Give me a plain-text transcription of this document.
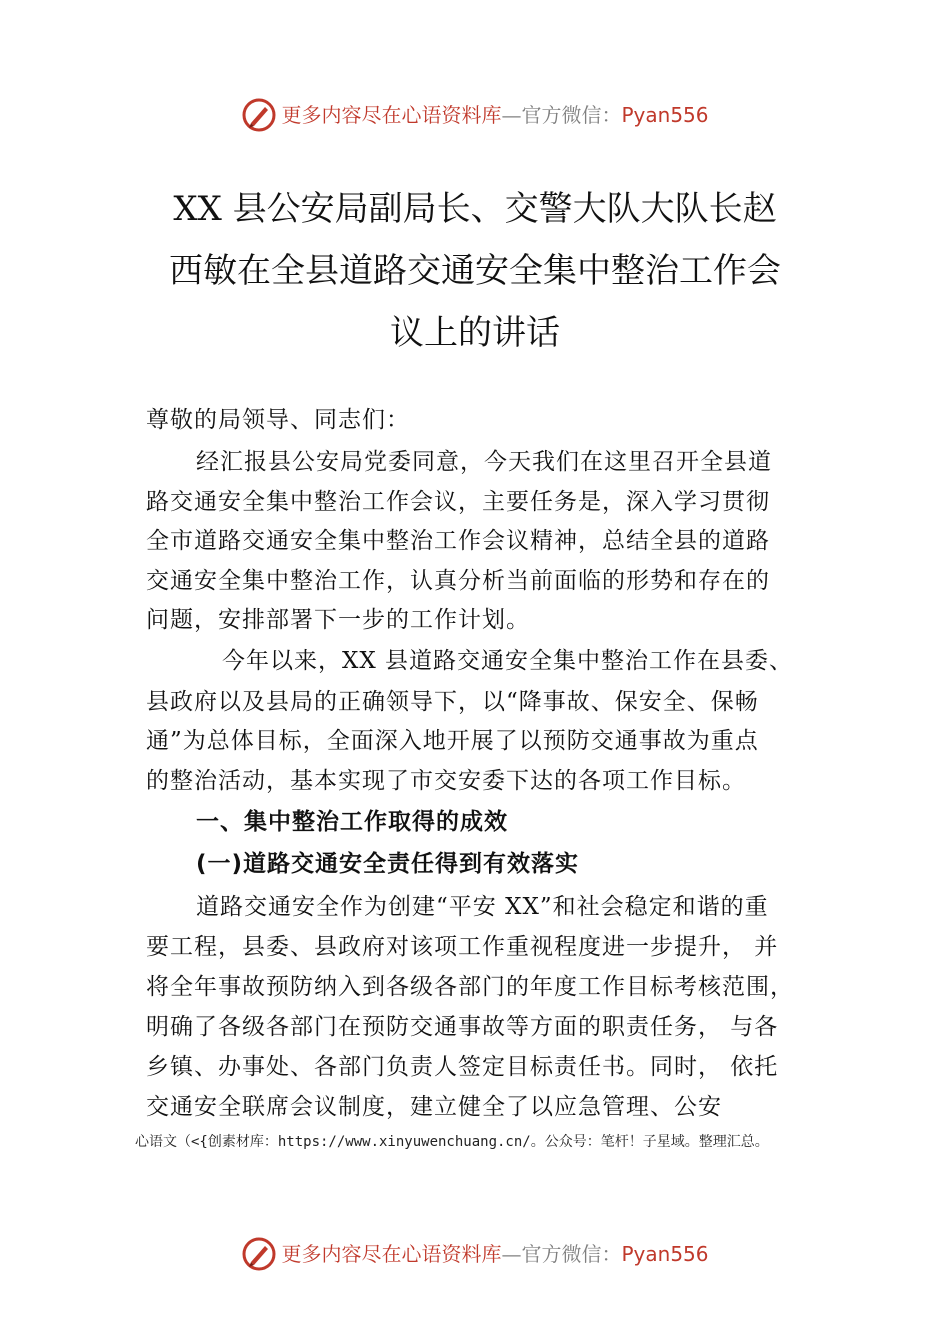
更多内容尽在心语资料库—官方微信：Pyan556
XX 县公安局副局长、交警大队大队长赵
西敏在全县道路交通安全集中整治工作会
议上的讲话
尊敬的局领导、同志们：
经汇报县公安局党委同意，今天我们在这里召开全县道
路交通安全集中整治工作会议，主要任务是，深入学习贯彻
全市道路交通安全集中整治工作会议精神，总结全县的道路
交通安全集中整治工作，认真分析当前面临的形势和存在的
问题，安排部署下一步的工作计划。
今年以来，XX 县道路交通安全集中整治工作在县委、
县政府以及县局的正确领导下，以“降事故、保安全、保畅
通”为总体目标，全面深入地开展了以预防交通事故为重点
的整治活动，基本实现了市交安委下达的各项工作目标。
一、集中整治工作取得的成效
(一)道路交通安全责任得到有效落实
道路交通安全作为创建“平安 XX”和社会稳定和谐的重
要工程，县委、县政府对该项工作重视程度进一步提升， 并
将全年事故预防纳入到各级各部门的年度工作目标考核范围，
明确了各级各部门在预防交通事故等方面的职责任务， 与各
乡镇、办事处、各部门负责人签定目标责任书。同时， 依托
交通安全联席会议制度，建立健全了以应急管理、公安
心语文（<{创素材库：https://www.xinyuwenchuang.cn/。公众号：笔杆！子星域。整理汇总。
更多内容尽在心语资料库—官方微信：Pyan556
